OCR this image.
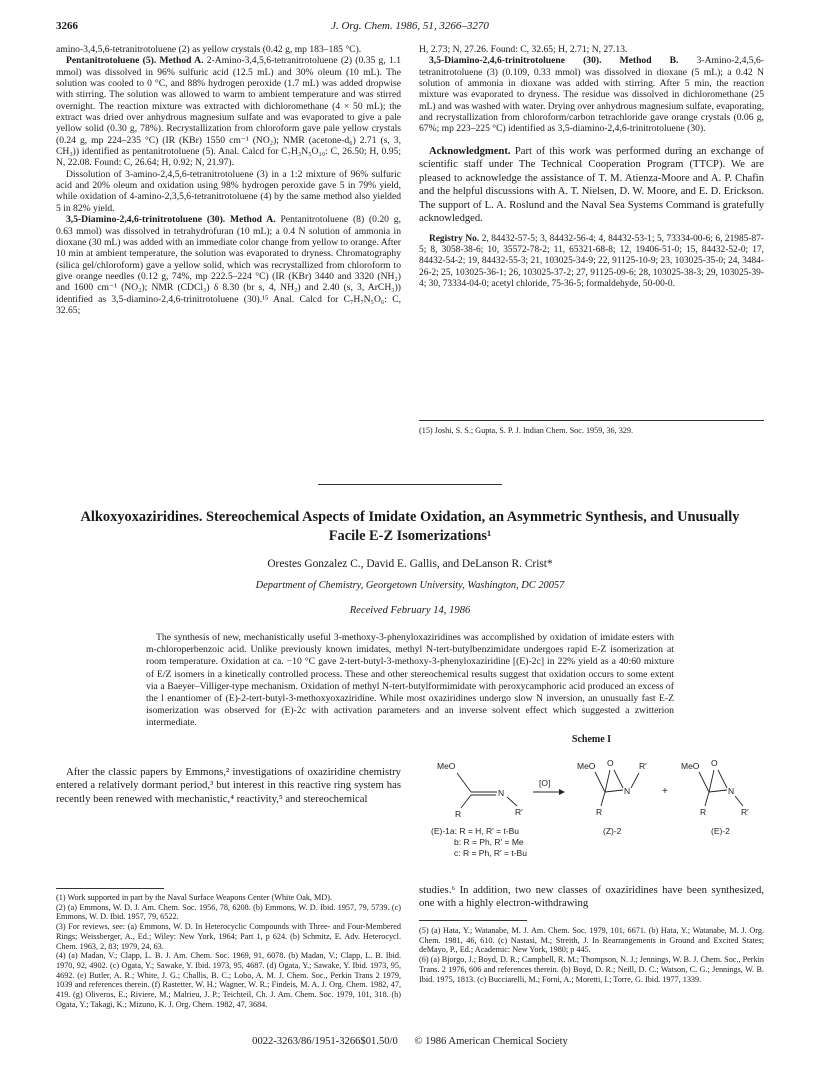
3266	J. Org. Chem. 1986, 51, 3266–3270

amino-3,4,5,6-tetranitrotoluene (2) as yellow crystals (0.42 g, mp 183–185 °C).

Pentanitrotoluene (5). Method A. 2-Amino-3,4,5,6-tetranitrotoluene (2) (0.35 g, 1.1 mmol) was dissolved in 96% sulfuric acid (12.5 mL) and 30% oleum (10 mL). The solution was cooled to 0 °C, and 88% hydrogen peroxide (1.7 mL) was added dropwise with stirring. The solution was allowed to warm to ambient temperature and was stirred overnight. The reaction mixture was extracted with dichloromethane (4 × 50 mL); the extract was dried over anhydrous magnesium sulfate and was evaporated to give a pale yellow solid (0.30 g, 78%). Recrystallization from chloroform gave pale yellow crystals (0.24 g, mp 224–235 °C) (IR (KBr) 1550 cm⁻¹ (NO₂); NMR (acetone-d₆) 2.71 (s, 3, CH₃)) identified as pentanitrotoluene (5). Anal. Calcd for C₇H₃N₅O₁₀: C, 26.50; H, 0.95; N, 22.08. Found: C, 26.64; H, 0.92; N, 21.97).

Dissolution of 3-amino-2,4,5,6-tetranitrotoluene (3) in a 1:2 mixture of 96% sulfuric acid and 20% oleum and oxidation using 98% hydrogen peroxide gave 5 in 79% yield, while oxidation of 4-amino-2,3,5,6-tetranitrotoluene (4) by the same method also yielded 5 in 82% yield.

3,5-Diamino-2,4,6-trinitrotoluene (30). Method A. Pentanitrotoluene (8) (0.20 g, 0.63 mmol) was dissolved in tetrahydrofuran (10 mL); a 0.4 N solution of ammonia in dioxane (30 mL) was added with an immediate color change from yellow to orange. After 10 min at ambient temperature, the solution was evaporated to dryness. Chromatography (silica gel/chloroform) gave a yellow solid, which was recrystallized from chloroform to give orange needles (0.12 g, 74%, mp 222.5–224 °C) (IR (KBr) 3440 and 3320 (NH₂) and 1600 cm⁻¹ (NO₂); NMR (CDCl₃) δ 8.30 (br s, 4, NH₂) and 2.40 (s, 3, ArCH₃)) identified as 3,5-diamino-2,4,6-trinitrotoluene (30).¹⁵ Anal. Calcd for C₇H₇N₅O₆: C, 32.65;

H, 2.73; N, 27.26. Found: C, 32.65; H, 2.71; N, 27.13.

3,5-Diamino-2,4,6-trinitrotoluene (30). Method B. 3-Amino-2,4,5,6-tetranitrotoluene (3) (0.109, 0.33 mmol) was dissolved in dioxane (5 mL); a 0.42 N solution of ammonia in dioxane was added with stirring. After 5 min, the reaction mixture was evaporated to dryness. The residue was dissolved in dichloromethane (25 mL) and was washed with water. Drying over anhydrous magnesium sulfate, evaporating, and recrystallization from chloroform/carbon tetrachloride gave orange crystals (0.06 g, 67%; mp 223–225 °C) identified as 3,5-diamino-2,4,6-trinitrotoluene (30).

Acknowledgment. Part of this work was performed during an exchange of scientific staff under The Technical Cooperation Program (TTCP). We are pleased to acknowledge the assistance of T. M. Atienza-Moore and A. P. Chafin and the helpful discussions with A. T. Nielsen, D. W. Moore, and E. D. Erickson. The support of L. A. Roslund and the Naval Sea Systems Command is gratefully acknowledged.

Registry No. 2, 84432-57-5; 3, 84432-56-4; 4, 84432-53-1; 5, 73334-00-6; 6, 21985-87-5; 8, 3058-38-6; 10, 35572-78-2; 11, 65321-68-8; 12, 19406-51-0; 15, 84432-52-0; 17, 84432-54-2; 19, 84432-55-3; 21, 103025-34-9; 22, 91125-10-9; 23, 103025-35-0; 24, 3484-26-2; 25, 103025-36-1; 26, 103025-37-2; 27, 91125-09-6; 28, 103025-38-3; 29, 103025-39-4; 30, 73334-04-0; acetyl chloride, 75-36-5; formaldehyde, 50-00-0.

(15) Joshi, S. S.; Gupta, S. P. J. Indian Chem. Soc. 1959, 36, 329.

Alkoxyoxaziridines. Stereochemical Aspects of Imidate Oxidation, an Asymmetric Synthesis, and Unusually Facile E-Z Isomerizations¹
Orestes Gonzalez C., David E. Gallis, and DeLanson R. Crist*
Department of Chemistry, Georgetown University, Washington, DC 20057
Received February 14, 1986
The synthesis of new, mechanistically useful 3-methoxy-3-phenyloxaziridines was accomplished by oxidation of imidate esters with m-chloroperbenzoic acid. Unlike previously known imidates, methyl N-tert-butylbenzimidate undergoes rapid E-Z isomerization at room temperature. Oxidation at ca. −10 °C gave 2-tert-butyl-3-methoxy-3-phenyloxaziridine [(E)-2c] in 22% yield as a 40:60 mixture of E/Z isomers in a kinetically controlled process. These and other stereochemical results suggest that oxidation occurs to some extent via a Baeyer–Villiger-type mechanism. Oxidation of methyl N-tert-butylformimidate with peroxycamphoric acid produced an excess of the l enantiomer of (E)-2-tert-butyl-3-methoxyoxaziridine. While most oxaziridines undergo slow N inversion, an unusually fast E-Z isomerization was observed for (E)-2c with activation parameters and an inverse solvent effect which suggested a zwitterion intermediate.

After the classic papers by Emmons,² investigations of oxaziridine chemistry entered a relatively dormant period,³ but interest in this reactive ring system has recently been renewed with mechanistic,⁴ reactivity,⁵ and stereochemical

(1) Work supported in part by the Naval Surface Weapons Center (White Oak, MD).

(2) (a) Emmons, W. D. J. Am. Chem. Soc. 1956, 78, 6208. (b) Emmons, W. D. Ibid. 1957, 79, 5739. (c) Emmons, W. D. Ibid. 1957, 79, 6522.

(3) For reviews, see: (a) Emmons, W. D. In Heterocyclic Compounds with Three- and Four-Membered Rings; Weissberger, A., Ed.; Wiley: New York, 1964; Part 1, p 624. (b) Schmitz, E. Adv. Heterocycl. Chem. 1963, 2, 83; 1979, 24, 63.

(4) (a) Madan, V.; Clapp, L. B. J. Am. Chem. Soc. 1969, 91, 6078. (b) Madan, V.; Clapp, L. B. Ibid. 1970, 92, 4902. (c) Ogata, Y.; Sawake, Y. Ibid. 1973, 95, 4687. (d) Ogata, Y.; Sawake, Y. Ibid. 1973, 95, 4692. (e) Butler, A. R.; White, J. G.; Challis, B. C.; Lobo, A. M. J. Chem. Soc., Perkin Trans 2 1979, 1039 and references therein. (f) Rastetter, W. H.; Wagner, W. R.; Findeis, M. A. J. Org. Chem. 1982, 47, 419. (g) Oliveros, E.; Riviere, M.; Malrieu, J. P.; Teichteil, Ch. J. Am. Chem. Soc. 1979, 101, 318. (h) Ogata, Y.; Takagi, K.; Mizuno, K. J. Org. Chem. 1982, 47, 3684.

Scheme I
MeO
N
R′
R
[O]
MeO O	R′
N
R
+
MeO O
N
R′
R
(E)-1a: R = H, R′ = t-Bu
b: R = Ph, R′ = Me
c: R = Ph, R′ = t-Bu
(Z)-2	(E)-2

studies.⁶ In addition, two new classes of oxaziridines have been synthesized, one with a highly electron-withdrawing

(5) (a) Hata, Y.; Watanabe, M. J. Am. Chem. Soc. 1979, 101, 6671. (b) Hata, Y.; Watanabe, M. J. Org. Chem. 1981, 46, 610. (c) Nastasi, M.; Streith, J. In Rearrangements in Ground and Excited States; deMayo, P., Ed.; Academic: New York, 1980; p 445.

(6) (a) Bjorgo, J.; Boyd, D. R.; Campbell, R. M.; Thompson, N. J.; Jennings, W. B. J. Chem. Soc., Perkin Trans. 2 1976, 606 and references therein. (b) Boyd, D. R.; Neill, D. C.; Watson, C. G.; Jennings, W. B. Ibid. 1975, 1813. (c) Bucciarelli, M.; Forni, A.; Moretti, I.; Torre, G. Ibid. 1977, 1339.

0022-3263/86/1951-3266$01.50/0 © 1986 American Chemical Society
